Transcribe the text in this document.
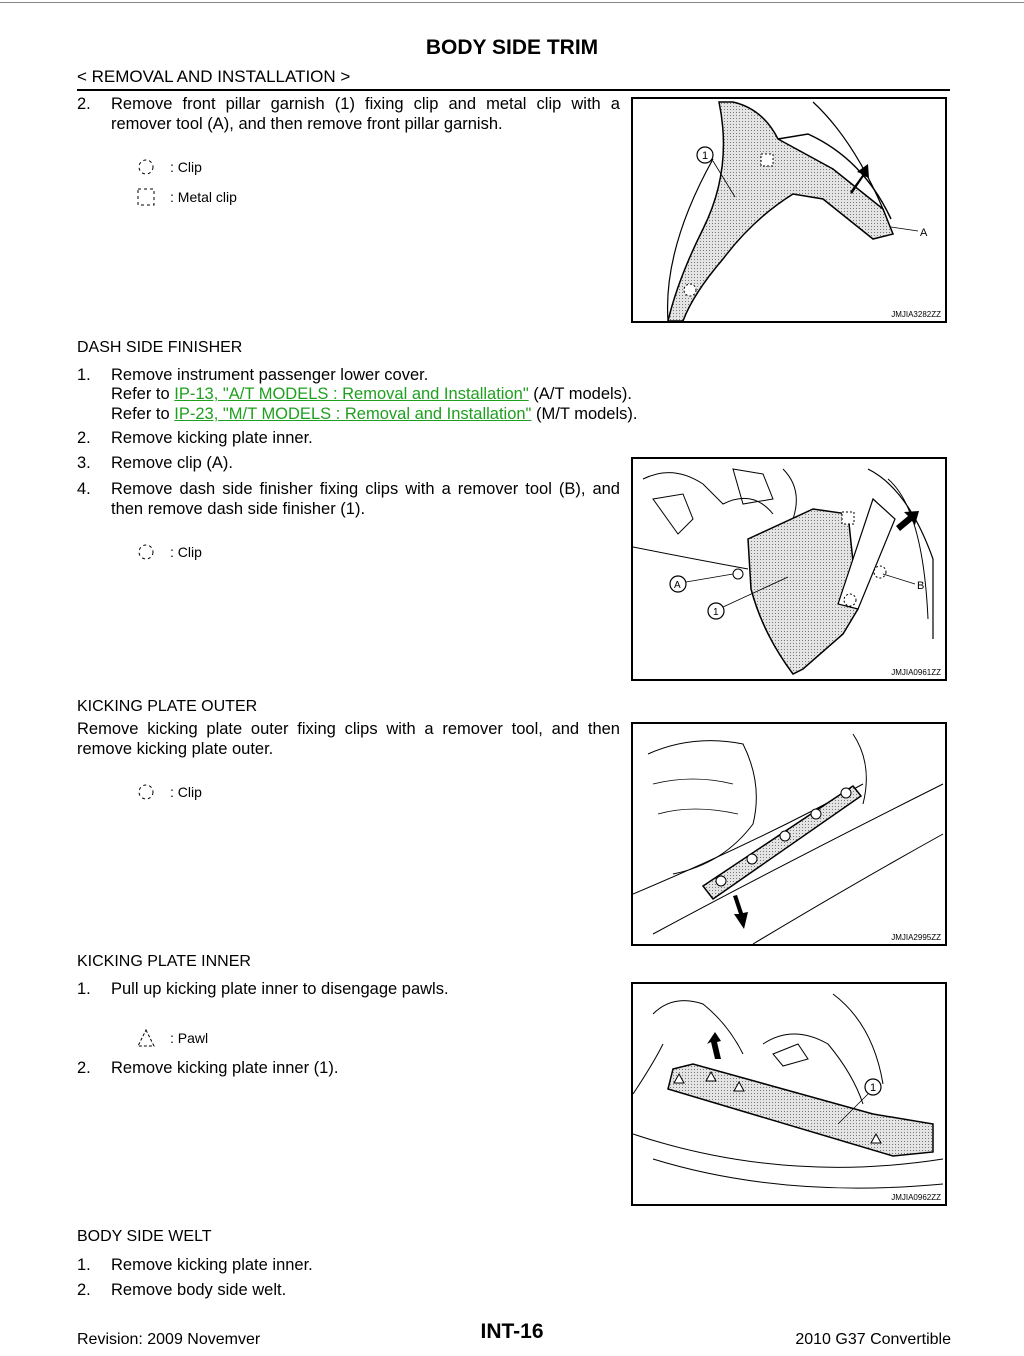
BODY SIDE TRIM
< REMOVAL AND INSTALLATION >
2. Remove front pillar garnish (1) fixing clip and metal clip with a remover tool (A), and then remove front pillar garnish.
: Clip
: Metal clip
1
A
JMJIA3282ZZ
DASH SIDE FINISHER
1. Remove instrument passenger lower cover.
Refer to IP-13, "A/T MODELS : Removal and Installation" (A/T models).
Refer to IP-23, "M/T MODELS : Removal and Installation" (M/T models).
2. Remove kicking plate inner.
3. Remove clip (A).
4. Remove dash side finisher fixing clips with a remover tool (B), and then remove dash side finisher (1).
: Clip
A
1
B
JMJIA0961ZZ
KICKING PLATE OUTER
Remove kicking plate outer fixing clips with a remover tool, and then remove kicking plate outer.
: Clip
JMJIA2995ZZ
KICKING PLATE INNER
1. Pull up kicking plate inner to disengage pawls.
: Pawl
2. Remove kicking plate inner (1).
1
JMJIA0962ZZ
BODY SIDE WELT
1. Remove kicking plate inner.
2. Remove body side welt.
Revision: 2009 Novemver	INT-16	2010 G37 Convertible
